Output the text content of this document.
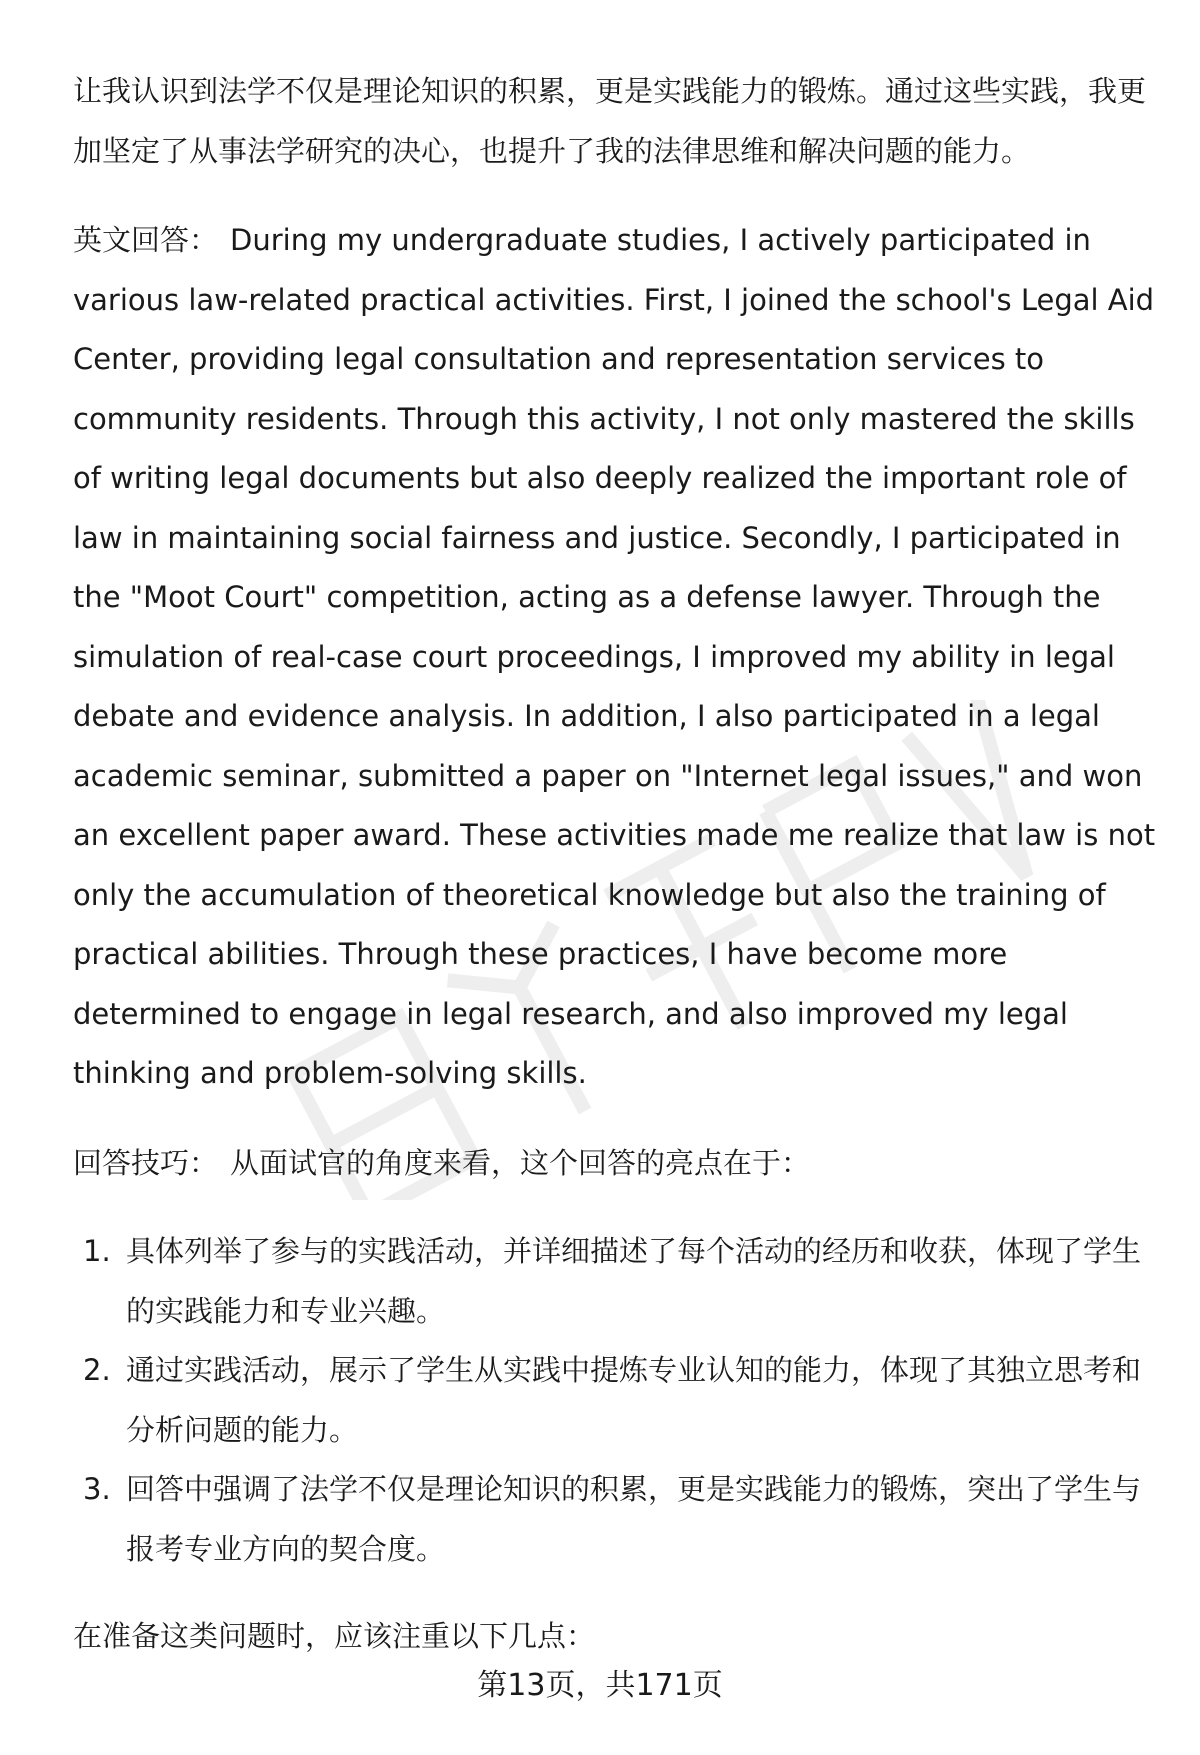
让我认识到法学不仅是理论知识的积累，更是实践能力的锻炼。通过这些实践，我更加坚定了从事法学研究的决心，也提升了我的法律思维和解决问题的能力。

英文回答： During my undergraduate studies, I actively participated in various law-related practical activities. First, I joined the school's Legal Aid Center, providing legal consultation and representation services to community residents. Through this activity, I not only mastered the skills of writing legal documents but also deeply realized the important role of law in maintaining social fairness and justice. Secondly, I participated in the "Moot Court" competition, acting as a defense lawyer. Through the simulation of real-case court proceedings, I improved my ability in legal debate and evidence analysis. In addition, I also participated in a legal academic seminar, submitted a paper on "Internet legal issues," and won an excellent paper award. These activities made me realize that law is not only the accumulation of theoretical knowledge but also the training of practical abilities. Through these practices, I have become more determined to engage in legal research, and also improved my legal thinking and problem-solving skills.

回答技巧： 从面试官的角度来看，这个回答的亮点在于：

1. 具体列举了参与的实践活动，并详细描述了每个活动的经历和收获，体现了学生的实践能力和专业兴趣。
2. 通过实践活动，展示了学生从实践中提炼专业认知的能力，体现了其独立思考和分析问题的能力。
3. 回答中强调了法学不仅是理论知识的积累，更是实践能力的锻炼，突出了学生与报考专业方向的契合度。

在准备这类问题时，应该注重以下几点：

第13页，共171页
